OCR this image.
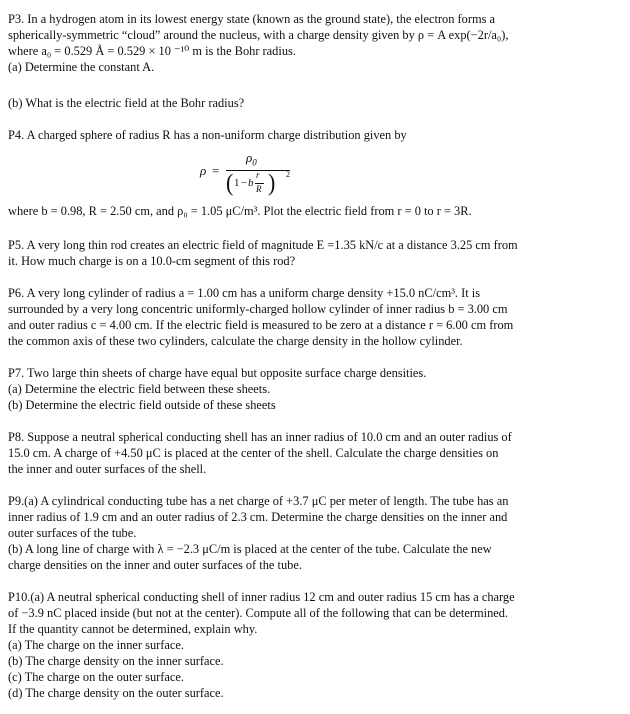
P3. In a hydrogen atom in its lowest energy state (known as the ground state), the electron forms a
spherically-symmetric “cloud” around the nucleus, with a charge density given by ρ = A exp(−2r/a₀),
where a₀ = 0.529 Å = 0.529 × 10 ⁻¹⁰ m is the Bohr radius.
(a) Determine the constant A.
(b) What is the electric field at the Bohr radius?
P4. A charged sphere of radius R has a non-uniform charge distribution given by
ρ =
$\rho_0$
( 1 − b
r
R ) 2
where b = 0.98, R = 2.50 cm, and ρ₀ = 1.05 μC/m³. Plot the electric field from r = 0 to r = 3R.
P5. A very long thin rod creates an electric field of magnitude E =1.35 kN/c at a distance 3.25 cm from
it. How much charge is on a 10.0-cm segment of this rod?
P6. A very long cylinder of radius a = 1.00 cm has a uniform charge density +15.0 nC/cm³. It is
surrounded by a very long concentric uniformly-charged hollow cylinder of inner radius b = 3.00 cm
and outer radius c = 4.00 cm. If the electric field is measured to be zero at a distance r = 6.00 cm from
the common axis of these two cylinders, calculate the charge density in the hollow cylinder.
P7. Two large thin sheets of charge have equal but opposite surface charge densities.
(a) Determine the electric field between these sheets.
(b) Determine the electric field outside of these sheets
P8. Suppose a neutral spherical conducting shell has an inner radius of 10.0 cm and an outer radius of
15.0 cm. A charge of +4.50 μC is placed at the center of the shell. Calculate the charge densities on
the inner and outer surfaces of the shell.
P9.(a) A cylindrical conducting tube has a net charge of +3.7 μC per meter of length. The tube has an
inner radius of 1.9 cm and an outer radius of 2.3 cm. Determine the charge densities on the inner and
outer surfaces of the tube.
(b) A long line of charge with λ = −2.3 μC/m is placed at the center of the tube. Calculate the new
charge densities on the inner and outer surfaces of the tube.
P10.(a) A neutral spherical conducting shell of inner radius 12 cm and outer radius 15 cm has a charge
of −3.9 nC placed inside (but not at the center). Compute all of the following that can be determined.
If the quantity cannot be determined, explain why.
(a) The charge on the inner surface.
(b) The charge density on the inner surface.
(c) The charge on the outer surface.
(d) The charge density on the outer surface.
